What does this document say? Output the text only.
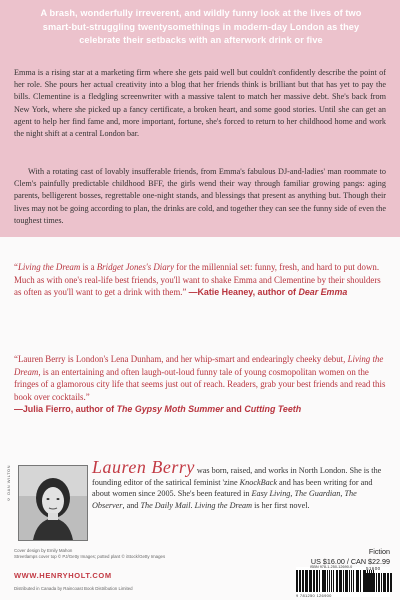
A brash, wonderfully irreverent, and wildly funny look at the lives of two smart-but-struggling twentysomethings in modern-day London as they celebrate their setbacks with an afterwork drink or five
Emma is a rising star at a marketing firm where she gets paid well but couldn't confidently describe the point of her role. She pours her actual creativity into a blog that her friends think is brilliant but that has yet to pay the bills. Clementine is a fledgling screenwriter with a massive talent to match her massive debt. She's back from New York, where she picked up a fancy certificate, a broken heart, and some good stories. Until she can get an agent to help her find fame and, more important, fortune, she's forced to return to her childhood home and work the night shift at a central London bar.
With a rotating cast of lovably insufferable friends, from Emma's fabulous DJ-and-ladies' man roommate to Clem's painfully predictable childhood BFF, the girls wend their way through familiar growing pangs: aging parents, belligerent bosses, regrettable one-night stands, and blessings that present as anything but. Though their lives may not be going according to plan, the drinks are cold, and together they can see the funny side of even the toughest times.
“Living the Dream is a Bridget Jones's Diary for the millennial set: funny, fresh, and hard to put down. Much as with one's real-life best friends, you'll want to shake Emma and Clementine by their shoulders as often as you'll want to get a drink with them.” —Katie Heaney, author of Dear Emma
“Lauren Berry is London's Lena Dunham, and her whip-smart and endearingly cheeky debut, Living the Dream, is an entertaining and often laugh-out-loud funny tale of young cosmopolitan women on the fringes of a glamorous city life that seems just out of reach. Readers, grab your best friends and read this book over cocktails.”
—Julia Fierro, author of The Gypsy Moth Summer and Cutting Teeth
© DAN WILTON	Lauren Berry was born, raised, and works in North London. She is the founding editor of the satirical feminist 'zine KnockBack and has been writing for and about women since 2005. She's been featured in Easy Living, The Guardian, The Observer, and The Daily Mail. Living the Dream is her first novel.
Cover design by Emily Mahon
Streetlamps cover top © PJ/Getty Images; potted plant © iStock/Getty Images
WWW.HENRYHOLT.COM
Distributed in Canada by Raincoast Book Distribution Limited
Fiction
US $16.00 / CAN $22.99
ISBN 978-1-250-12690-0	51600
9 781250 126900
